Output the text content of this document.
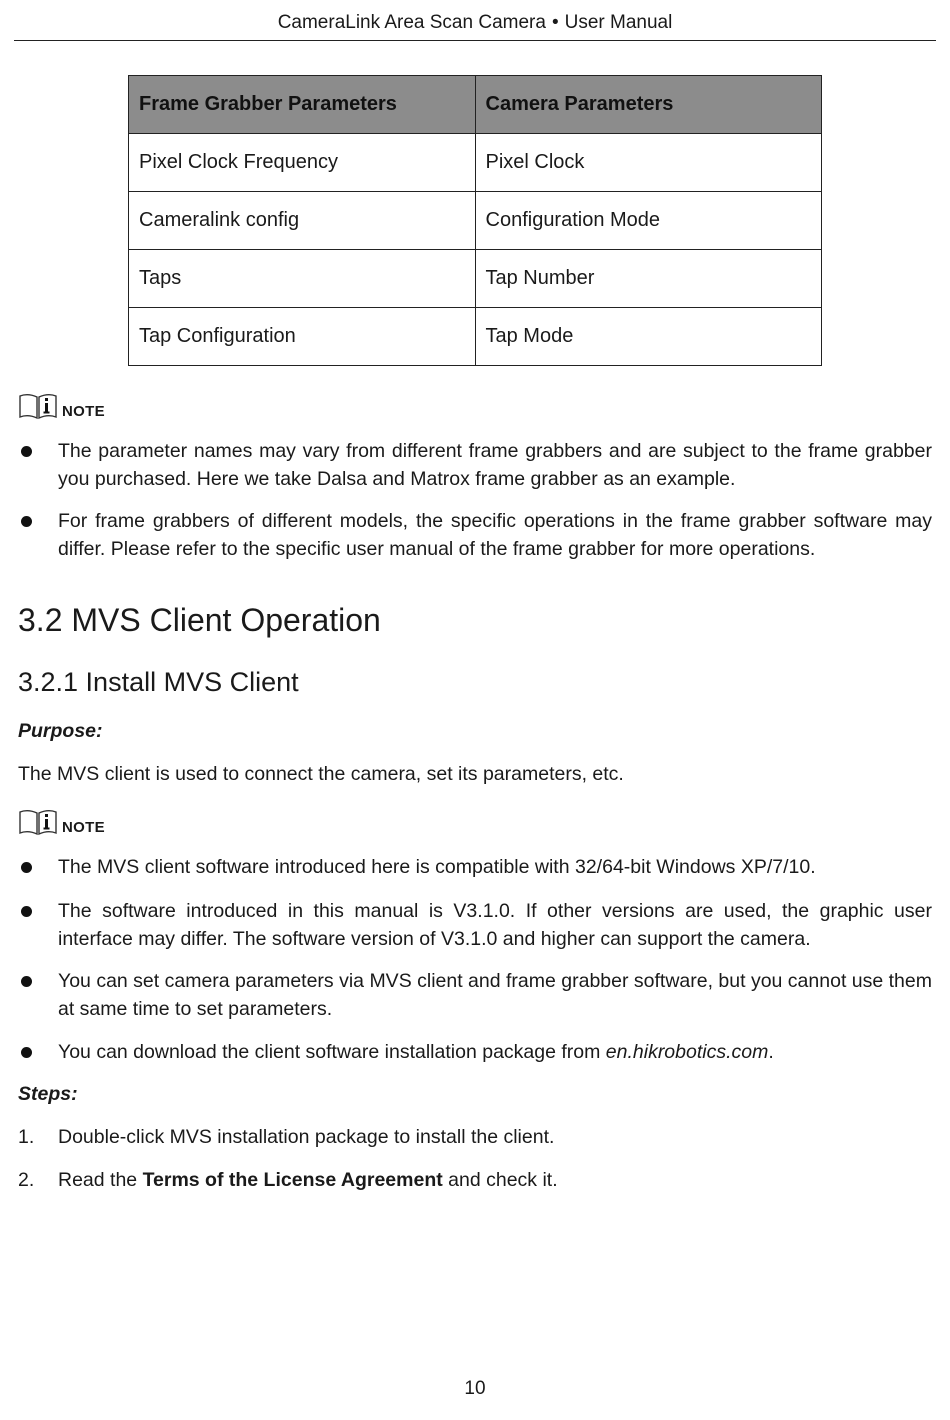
CameraLink Area Scan Camera • User Manual
Frame Grabber Parameters	Camera Parameters
Pixel Clock Frequency	Pixel Clock
Cameralink config	Configuration Mode
Taps	Tap Number
Tap Configuration	Tap Mode
NOTE
The parameter names may vary from different frame grabbers and are subject to the frame grabber you purchased. Here we take Dalsa and Matrox frame grabber as an example.
For frame grabbers of different models, the specific operations in the frame grabber software may differ. Please refer to the specific user manual of the frame grabber for more operations.
3.2 MVS Client Operation
3.2.1 Install MVS Client
Purpose:
The MVS client is used to connect the camera, set its parameters, etc.
NOTE
The MVS client software introduced here is compatible with 32/64-bit Windows XP/7/10.
The software introduced in this manual is V3.1.0. If other versions are used, the graphic user interface may differ. The software version of V3.1.0 and higher can support the camera.
You can set camera parameters via MVS client and frame grabber software, but you cannot use them at same time to set parameters.
You can download the client software installation package from en.hikrobotics.com.
Steps:
1. Double-click MVS installation package to install the client.
2. Read the Terms of the License Agreement and check it.
10
